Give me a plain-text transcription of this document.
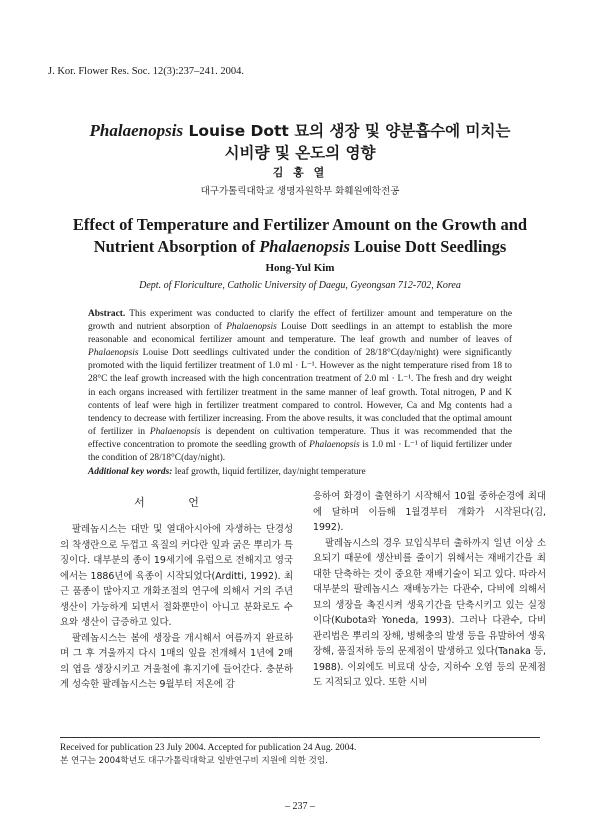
J. Kor. Flower Res. Soc. 12(3):237–241. 2004.
Phalaenopsis Louise Dott 묘의 생장 및 양분흡수에 미치는
시비량 및 온도의 영향
김 홍 열
대구가톨릭대학교 생명자원학부 화훼원예학전공
Effect of Temperature and Fertilizer Amount on the Growth and
Nutrient Absorption of Phalaenopsis Louise Dott Seedlings
Hong-Yul Kim
Dept. of Floriculture, Catholic University of Daegu, Gyeongsan 712-702, Korea
Abstract. This experiment was conducted to clarify the effect of fertilizer amount and temperature on the growth and nutrient absorption of Phalaenopsis Louise Dott seedlings in an attempt to establish the more reasonable and economical fertilizer amount and temperature. The leaf growth and number of leaves of Phalaenopsis Louise Dott seedlings cultivated under the condition of 28/18°C(day/night) were significantly promoted with the liquid fertilizer treatment of 1.0 ml · L⁻¹. However as the night temperature rised from 18 to 28°C the leaf growth increased with the high concentration treatment of 2.0 ml · L⁻¹. The fresh and dry weight in each organs increased with fertilizer treatment in the same manner of leaf growth. Total nitrogen, P and K contents of leaf were high in fertilizer treatment compared to control. However, Ca and Mg contents had a tendency to decrease with fertilizer increasing. From the above results, it was concluded that the optimal amount of fertilizer in Phalaenopsis is dependent on cultivation temperature. Thus it was recommended that the effective concentration to promote the seedling growth of Phalaenopsis is 1.0 ml · L⁻¹ of liquid fertilizer under the condition of 28/18°C(day/night).
Additional key words: leaf growth, liquid fertilizer, day/night temperature
서 언

팔레놉시스는 대만 및 열대아시아에 자생하는 단경성의 착생란으로 두껍고 육질의 커다란 잎과 굵은 뿌리가 특징이다. 대부분의 종이 19세기에 유럽으로 전해지고 영국에서는 1886년에 육종이 시작되었다(Arditti, 1992). 최근 품종이 많아지고 개화조절의 연구에 의해서 거의 주년생산이 가능하게 되면서 절화뿐만이 아니고 분화로도 수요와 생산이 급증하고 있다.

팔레놉시스는 봄에 생장을 개시해서 여름까지 완료하며 그 후 겨울까지 다시 1매의 잎을 전개해서 1년에 2매의 엽을 생장시키고 겨울철에 휴지기에 들어간다. 충분하게 성숙한 팔레놉시스는 9월부터 저온에 감

응하여 화경이 출현하기 시작해서 10월 중하순경에 최대에 달하며 이듬해 1월경부터 개화가 시작된다(김, 1992).

팔레놉시스의 경우 묘입식부터 출하까지 일년 이상 소요되기 때문에 생산비를 줄이기 위해서는 재배기간을 최대한 단축하는 것이 중요한 재배기술이 되고 있다. 따라서 대부분의 팔레놉시스 재배농가는 다관수, 다비에 의해서 묘의 생장을 촉진시켜 생육기간을 단축시키고 있는 실정이다(Kubota와 Yoneda, 1993). 그러나 다관수, 다비 관리법은 뿌리의 장해, 병해충의 발생 등을 유발하여 생육장해, 품질저하 등의 문제점이 발생하고 있다(Tanaka 등, 1988). 이외에도 비료대 상승, 지하수 오염 등의 문제점도 지적되고 있다. 또한 시비

Received for publication 23 July 2004. Accepted for publication 24 Aug. 2004.
본 연구는 2004학년도 대구가톨릭대학교 일반연구비 지원에 의한 것임.
– 237 –
